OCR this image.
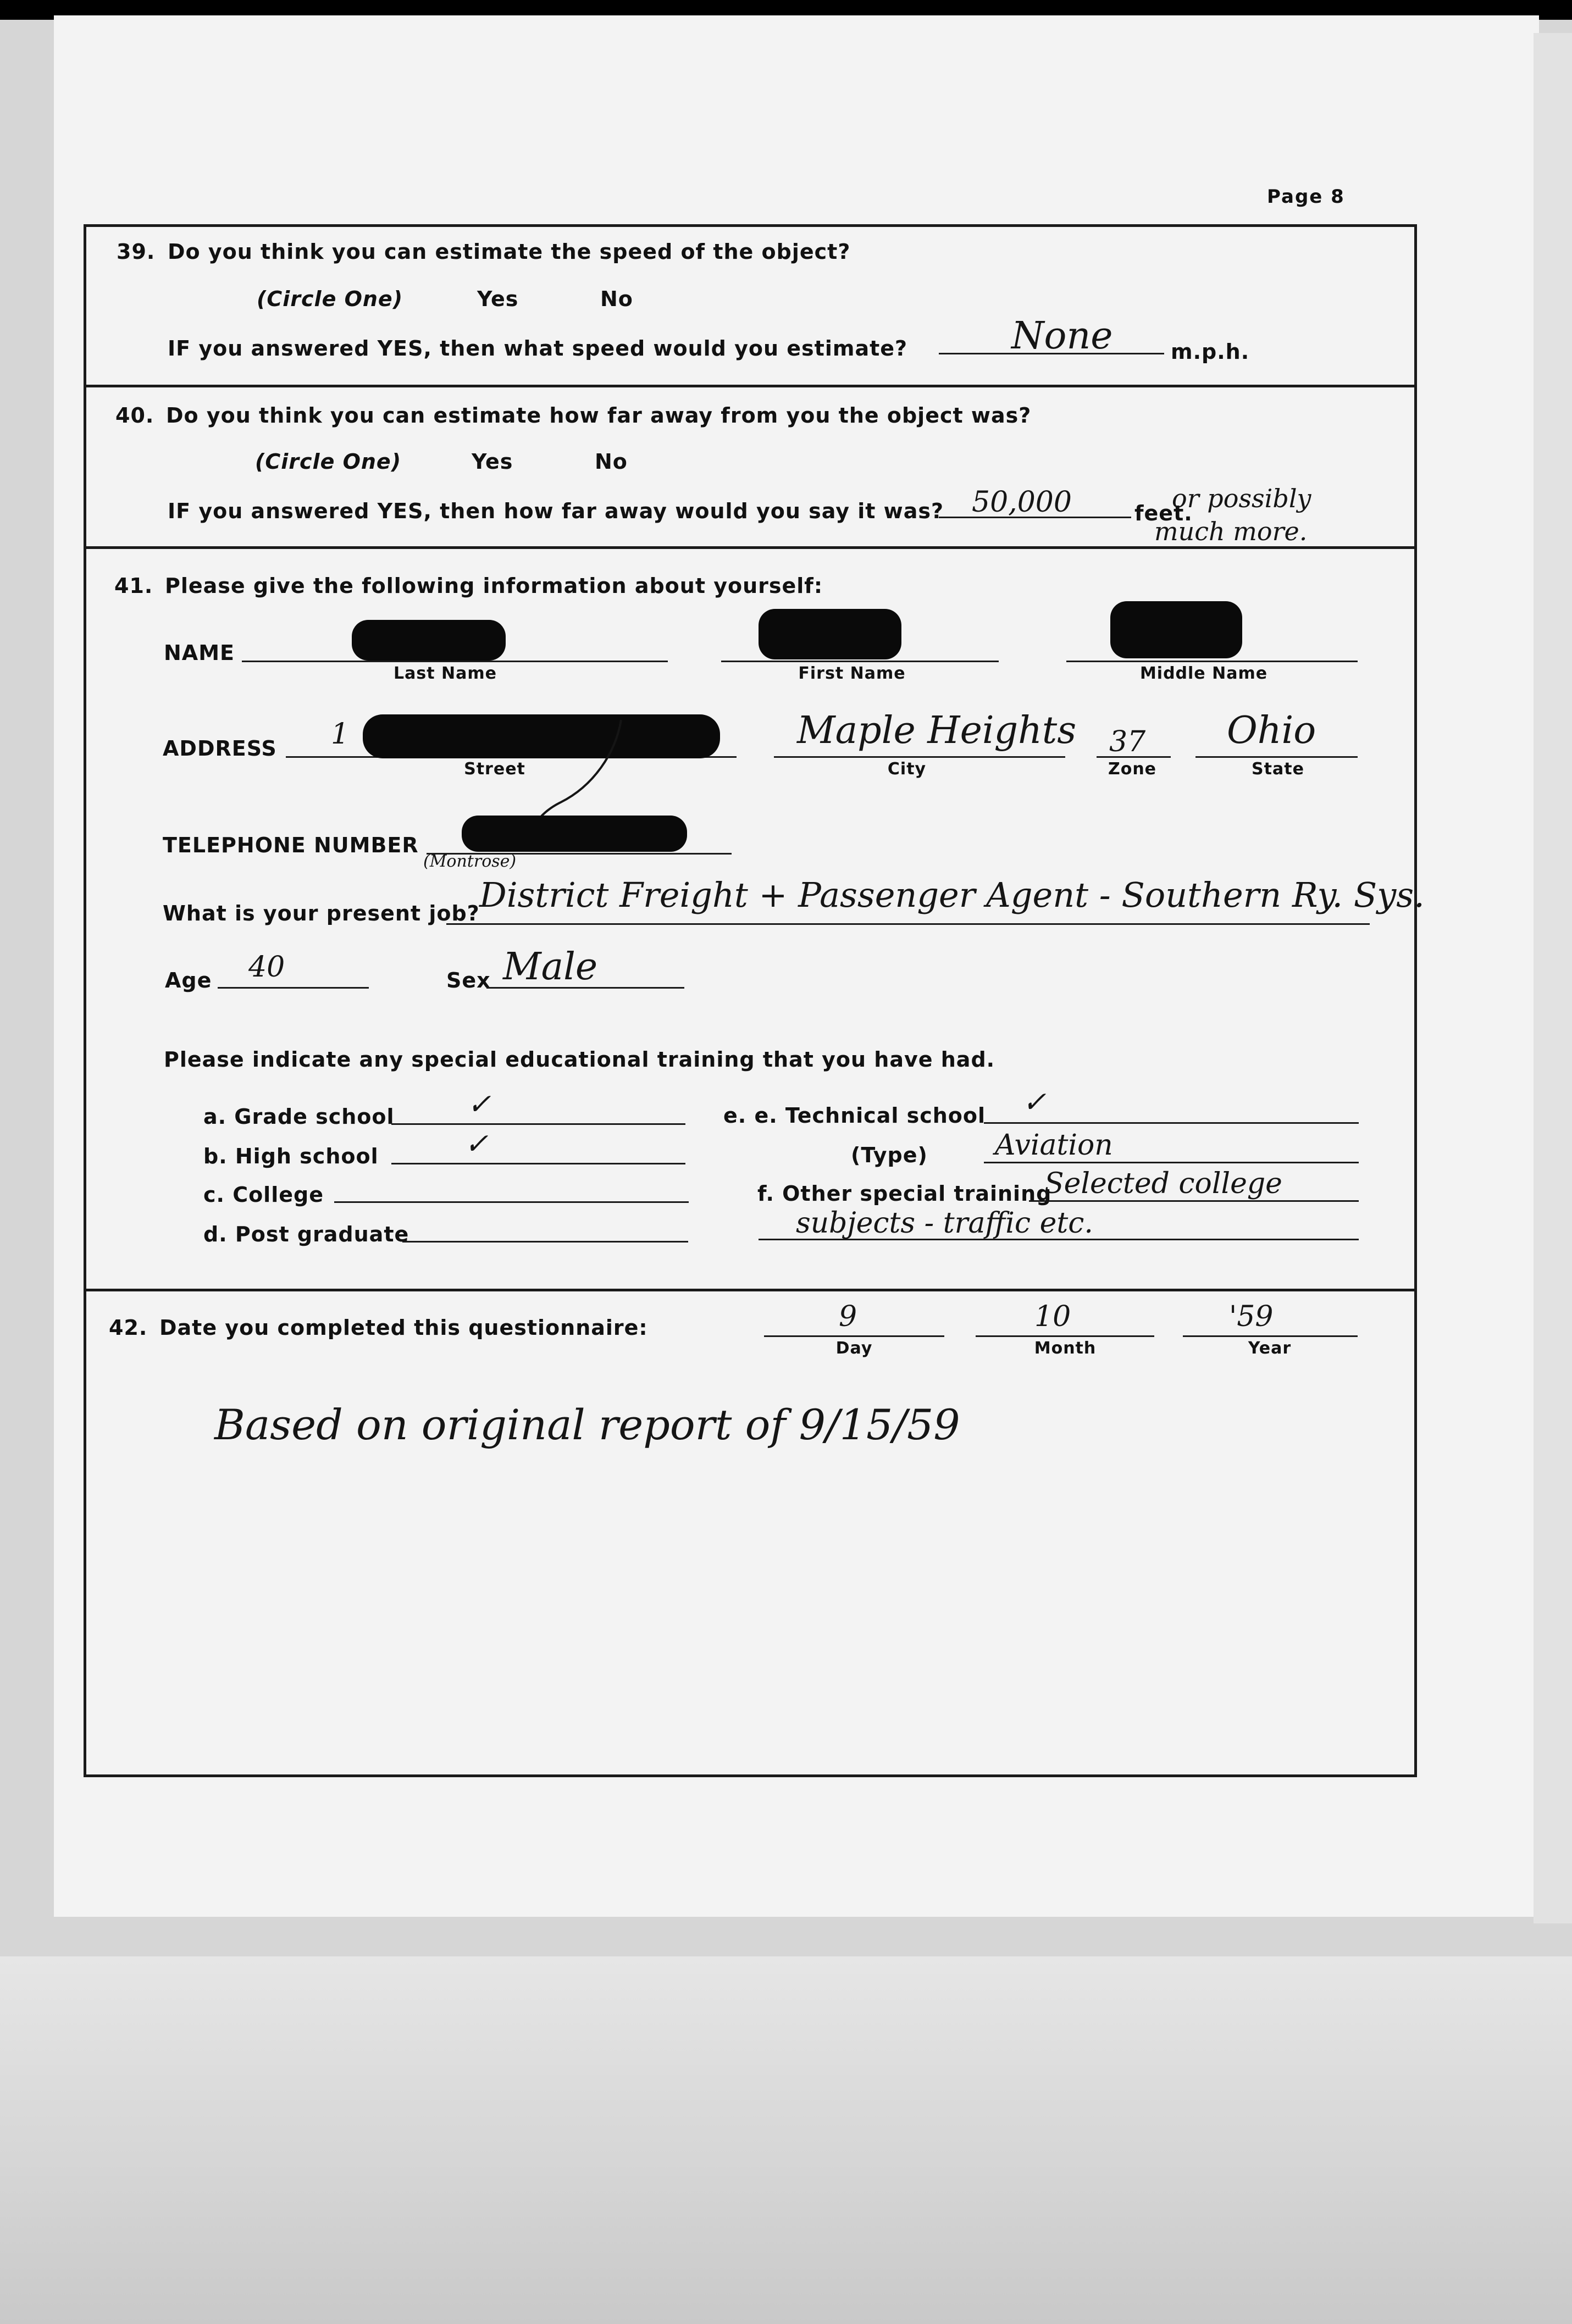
Page 8
39. Do you think you can estimate the speed of the object?
(Circle One)	Yes	No
IF you answered YES, then what speed would you estimate?	None	m.p.h.
40. Do you think you can estimate how far away from you the object was?
(Circle One)	Yes	No
IF you answered YES, then how far away would you say it was? 50,000	feet.
or possibly
much more.
41. Please give the following information about yourself:
NAME
Last Name	First Name	Middle Name
ADDRESS 1	Maple Heights 37 Ohio
Street	City	Zone	State
TELEPHONE NUMBER
(Montrose)
What is your present job? District Freight + Passenger Agent - Southern Ry. Sys.
Age 40	Sex Male
Please indicate any special educational training that you have had.
a. Grade school	✓
b. High school	✓
c. College
d. Post graduate
e. e. Technical school ✓
(Type) Aviation
f. Other special training
Selected college
subjects - traffic etc.
42. Date you completed this questionnaire:	9	10	'59
Day	Month	Year
Based on original report of 9/15/59
